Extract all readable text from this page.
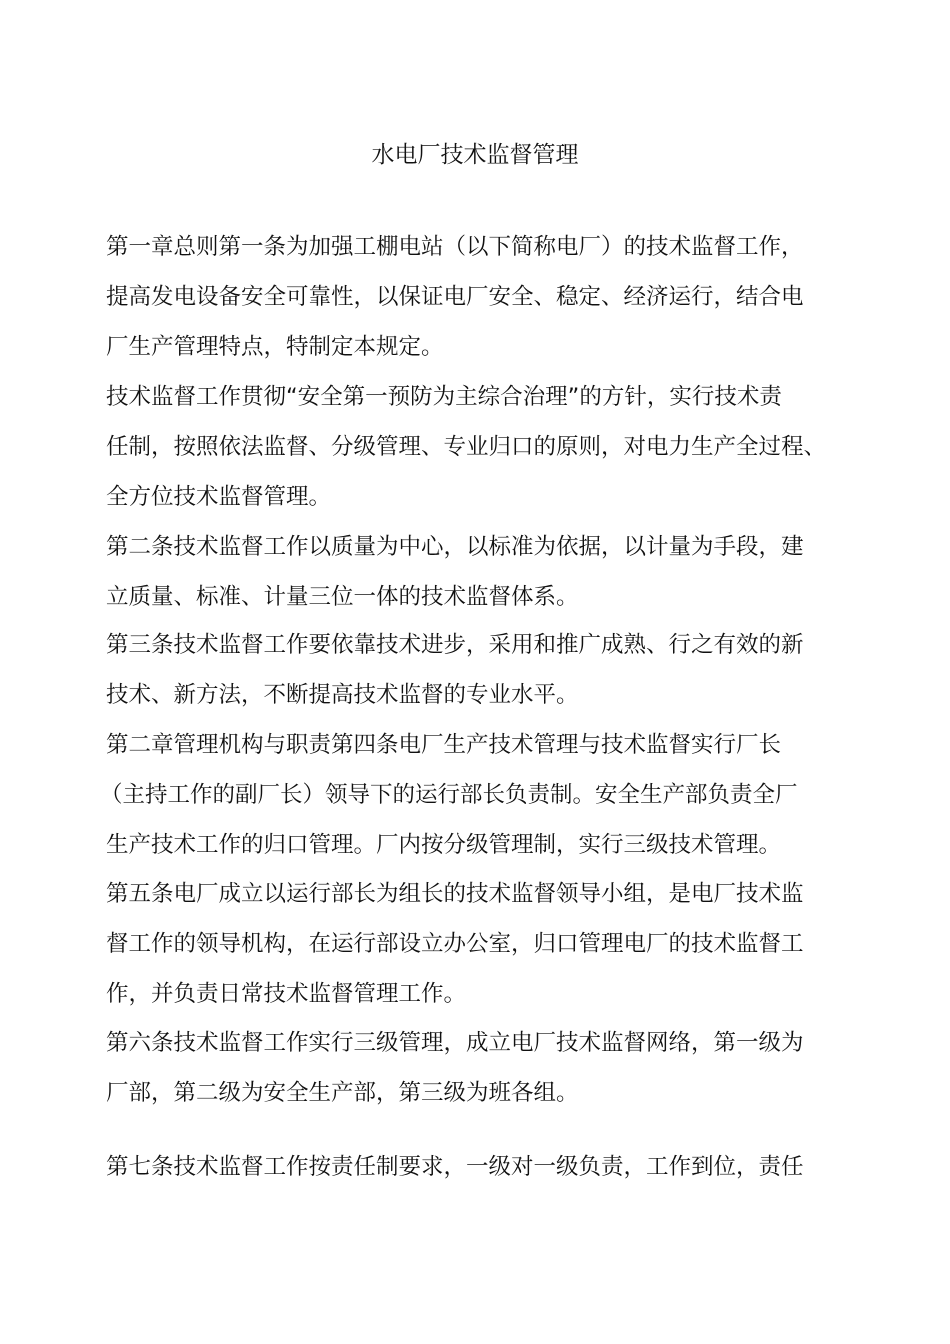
水电厂技术监督管理
第一章总则第一条为加强工棚电站（以下简称电厂）的技术监督工作，
提高发电设备安全可靠性，以保证电厂安全、稳定、经济运行，结合电
厂生产管理特点，特制定本规定。
技术监督工作贯彻“安全第一预防为主综合治理”的方针，实行技术责
任制，按照依法监督、分级管理、专业归口的原则，对电力生产全过程、
全方位技术监督管理。
第二条技术监督工作以质量为中心，以标准为依据，以计量为手段，建
立质量、标准、计量三位一体的技术监督体系。
第三条技术监督工作要依靠技术进步，采用和推广成熟、行之有效的新
技术、新方法，不断提高技术监督的专业水平。
第二章管理机构与职责第四条电厂生产技术管理与技术监督实行厂长
（主持工作的副厂长）领导下的运行部长负责制。安全生产部负责全厂
生产技术工作的归口管理。厂内按分级管理制，实行三级技术管理。
第五条电厂成立以运行部长为组长的技术监督领导小组，是电厂技术监
督工作的领导机构，在运行部设立办公室，归口管理电厂的技术监督工
作，并负责日常技术监督管理工作。
第六条技术监督工作实行三级管理，成立电厂技术监督网络，第一级为
厂部，第二级为安全生产部，第三级为班各组。
第七条技术监督工作按责任制要求，一级对一级负责，工作到位，责任
